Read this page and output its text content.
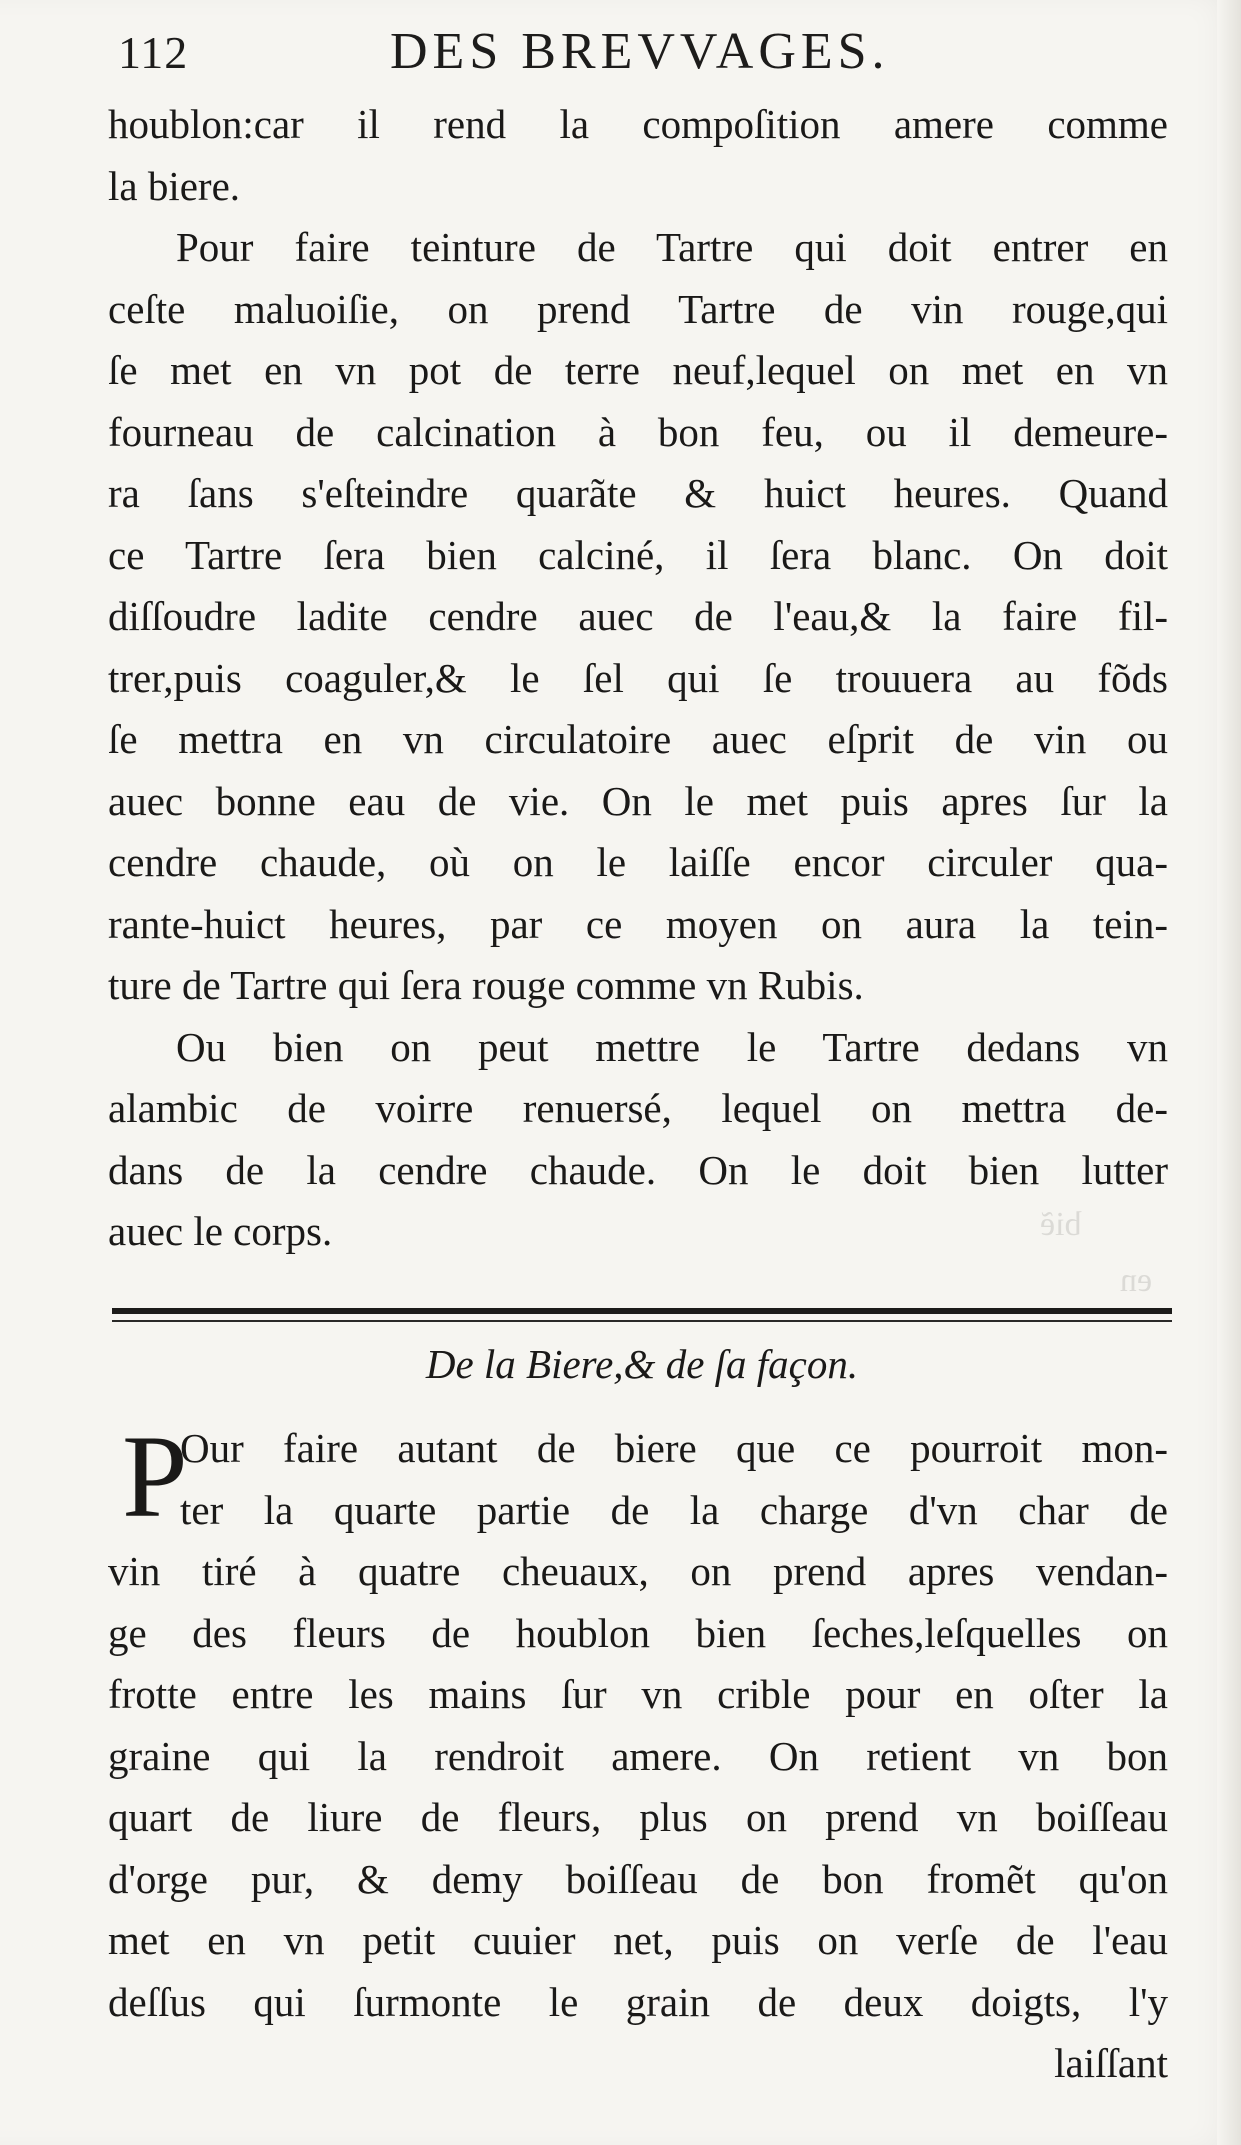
biẽ
en
112	DES BREVVAGES.
houblon:car il rend la compoſition amere comme
la biere.
Pour faire teinture de Tartre qui doit entrer en
ceſte maluoiſie, on prend Tartre de vin rouge,qui
ſe met en vn pot de terre neuf,lequel on met en vn
fourneau de calcination à bon feu, ou il demeure-
ra ſans s'eſteindre quarãte & huict heures. Quand
ce Tartre ſera bien calciné, il ſera blanc. On doit
diſſoudre ladite cendre auec de l'eau,& la faire fil-
trer,puis coaguler,& le ſel qui ſe trouuera au fõds
ſe mettra en vn circulatoire auec eſprit de vin ou
auec bonne eau de vie. On le met puis apres ſur la
cendre chaude, où on le laiſſe encor circuler qua-
rante-huict heures, par ce moyen on aura la tein-
ture de Tartre qui ſera rouge comme vn Rubis.
Ou bien on peut mettre le Tartre dedans vn
alambic de voirre renuersé, lequel on mettra de-
dans de la cendre chaude. On le doit bien lutter
auec le corps.
De la Biere,& de ſa façon.
P
Our faire autant de biere que ce pourroit mon-
ter la quarte partie de la charge d'vn char de
vin tiré à quatre cheuaux, on prend apres vendan-
ge des fleurs de houblon bien ſeches,leſquelles on
frotte entre les mains ſur vn crible pour en oſter la
graine qui la rendroit amere. On retient vn bon
quart de liure de fleurs, plus on prend vn boiſſeau
d'orge pur, & demy boiſſeau de bon fromẽt qu'on
met en vn petit cuuier net, puis on verſe de l'eau
deſſus qui ſurmonte le grain de deux doigts, l'y
laiſſant
